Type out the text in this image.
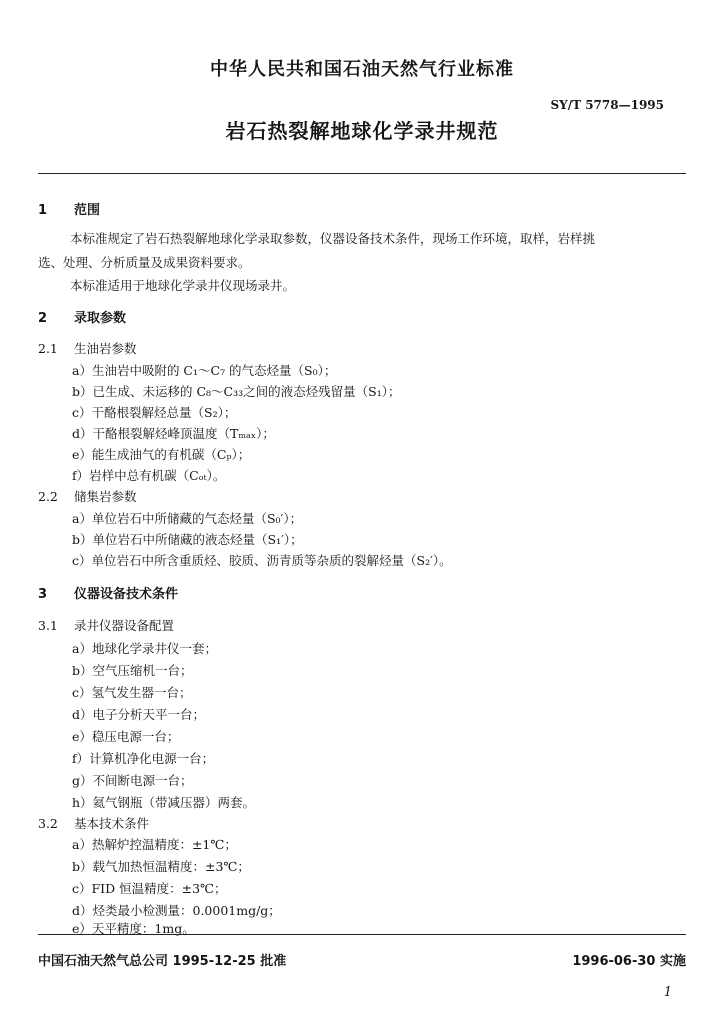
中华人民共和国石油天然气行业标准
SY/T 5778—1995
岩石热裂解地球化学录井规范
1 范围
本标准规定了岩石热裂解地球化学录取参数，仪器设备技术条件，现场工作环境，取样，岩样挑
选、处理、分析质量及成果资料要求。
本标准适用于地球化学录井仪现场录井。
2 录取参数
2.1 生油岩参数
a）生油岩中吸附的 C₁～C₇ 的气态烃量（S₀）；
b）已生成、未运移的 C₈～C₃₃之间的液态烃残留量（S₁）；
c）干酪根裂解烃总量（S₂）；
d）干酪根裂解烃峰顶温度（Tₘₐₓ）；
e）能生成油气的有机碳（Cₚ）；
f）岩样中总有机碳（Cₒₜ）。
2.2 储集岩参数
a）单位岩石中所储藏的气态烃量（S₀′）；
b）单位岩石中所储藏的液态烃量（S₁′）；
c）单位岩石中所含重质烃、胶质、沥青质等杂质的裂解烃量（S₂′）。
3 仪器设备技术条件
3.1 录井仪器设备配置
a）地球化学录井仪一套；
b）空气压缩机一台；
c）氢气发生器一台；
d）电子分析天平一台；
e）稳压电源一台；
f）计算机净化电源一台；
g）不间断电源一台；
h）氦气钢瓶（带减压器）两套。
3.2 基本技术条件
a）热解炉控温精度：±1℃；
b）载气加热恒温精度：±3℃；
c）FID 恒温精度：±3℃；
d）烃类最小检测量：0.0001mg/g；
e）天平精度：1mg。
中国石油天然气总公司 1995-12-25 批准	1996-06-30 实施
1
